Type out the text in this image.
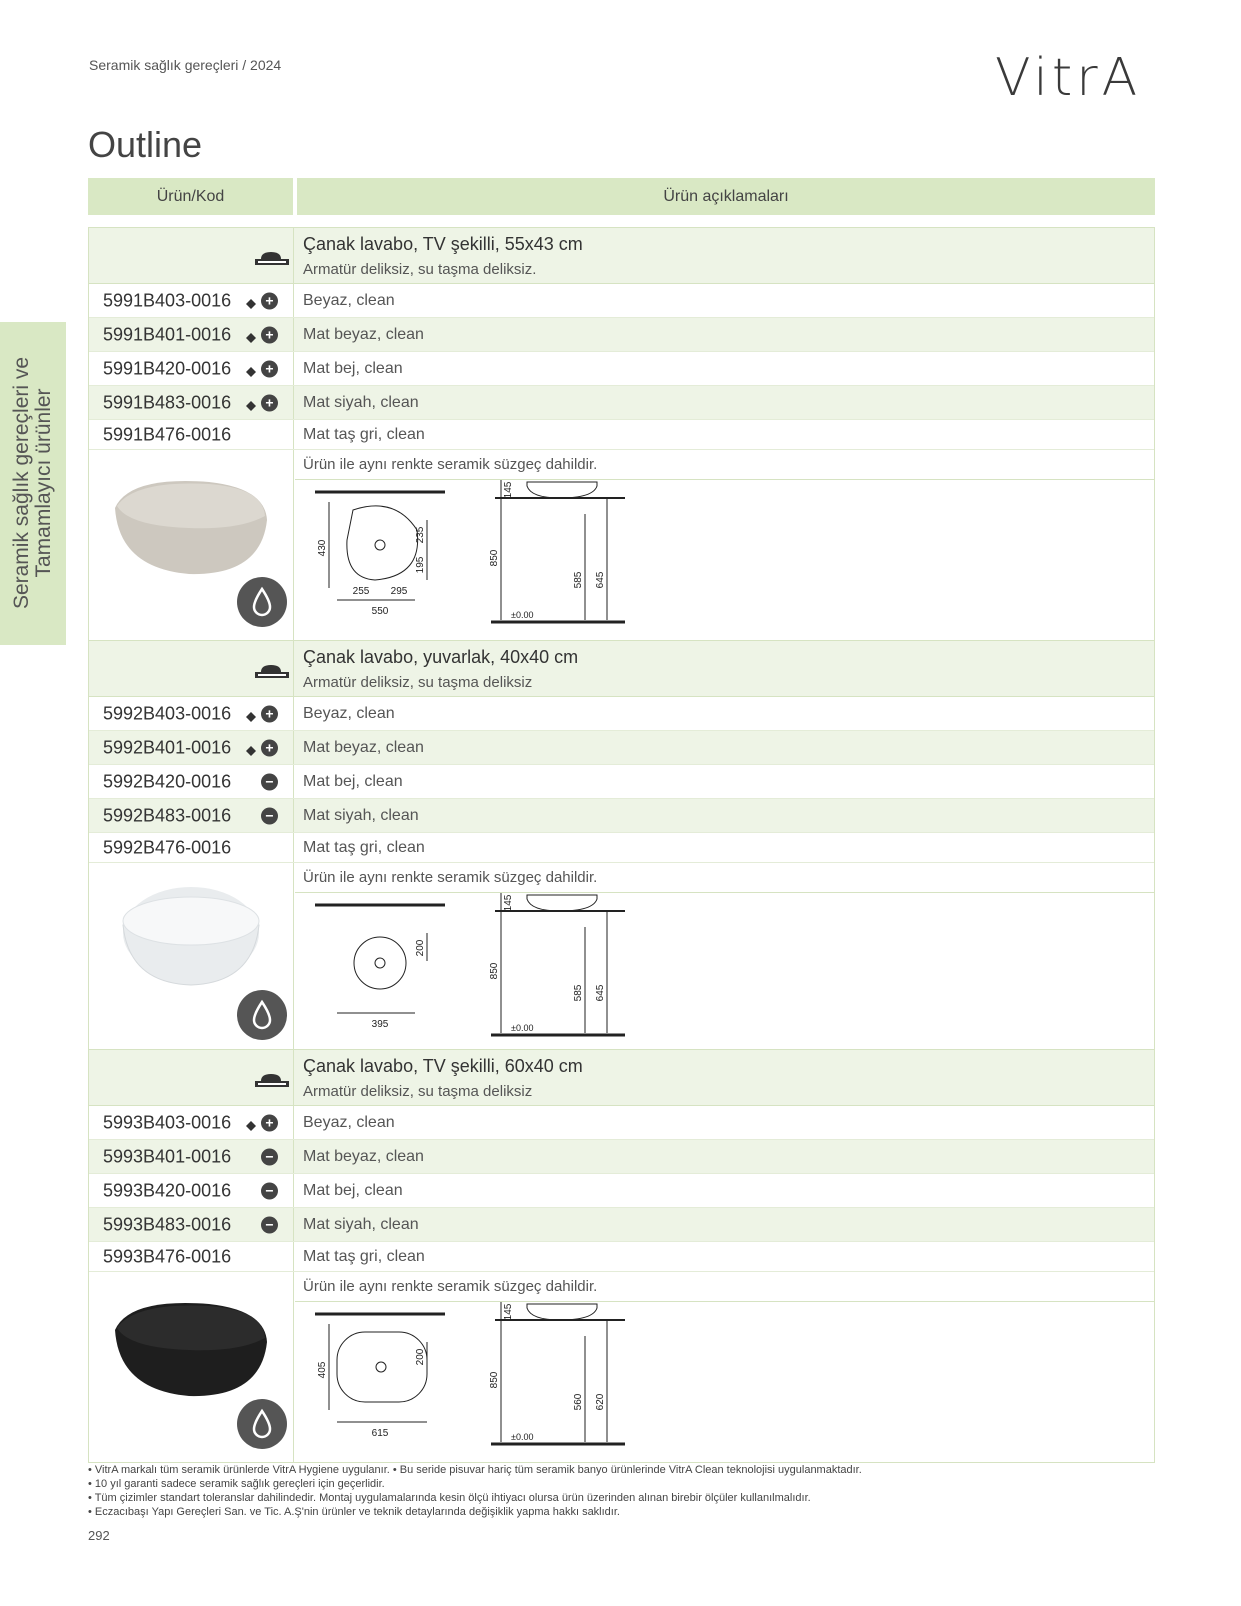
Seramik sağlık gereçleri / 2024	VitrA
Outline
Seramik sağlık gereçleri ve
Tamamlayıcı ürünler
Ürün/Kod	Ürün açıklamaları
Çanak lavabo, TV şekilli, 55x43 cm
Armatür deliksiz, su taşma deliksiz.
5991B403-0016	+ Beyaz, clean
5991B401-0016	+ Mat beyaz, clean
5991B420-0016	+ Mat bej, clean
5991B483-0016	+ Mat siyah, clean
5991B476-0016	Mat taş gri, clean
Ürün ile aynı renkte seramik süzgeç dahildir.
430
235
195
255 295
550
850
145
585 645
±0.00
Çanak lavabo, yuvarlak, 40x40 cm
Armatür deliksiz, su taşma deliksiz
5992B403-0016	+ Beyaz, clean
5992B401-0016	+ Mat beyaz, clean
5992B420-0016	− Mat bej, clean
5992B483-0016	− Mat siyah, clean
5992B476-0016	Mat taş gri, clean
Ürün ile aynı renkte seramik süzgeç dahildir.
200
395
850
145
585 645
±0.00
Çanak lavabo, TV şekilli, 60x40 cm
Armatür deliksiz, su taşma deliksiz
5993B403-0016	+ Beyaz, clean
5993B401-0016	− Mat beyaz, clean
5993B420-0016	− Mat bej, clean
5993B483-0016	− Mat siyah, clean
5993B476-0016	Mat taş gri, clean
Ürün ile aynı renkte seramik süzgeç dahildir.
405
200
615
850
145
560 620
±0.00
• VitrA markalı tüm seramik ürünlerde VitrA Hygiene uygulanır. • Bu seride pisuvar hariç tüm seramik banyo ürünlerinde VitrA Clean teknolojisi uygulanmaktadır.
• 10 yıl garanti sadece seramik sağlık gereçleri için geçerlidir.
• Tüm çizimler standart toleranslar dahilindedir. Montaj uygulamalarında kesin ölçü ihtiyacı olursa ürün üzerinden alınan birebir ölçüler kullanılmalıdır.
• Eczacıbaşı Yapı Gereçleri San. ve Tic. A.Ş'nin ürünler ve teknik detaylarında değişiklik yapma hakkı saklıdır.
292
